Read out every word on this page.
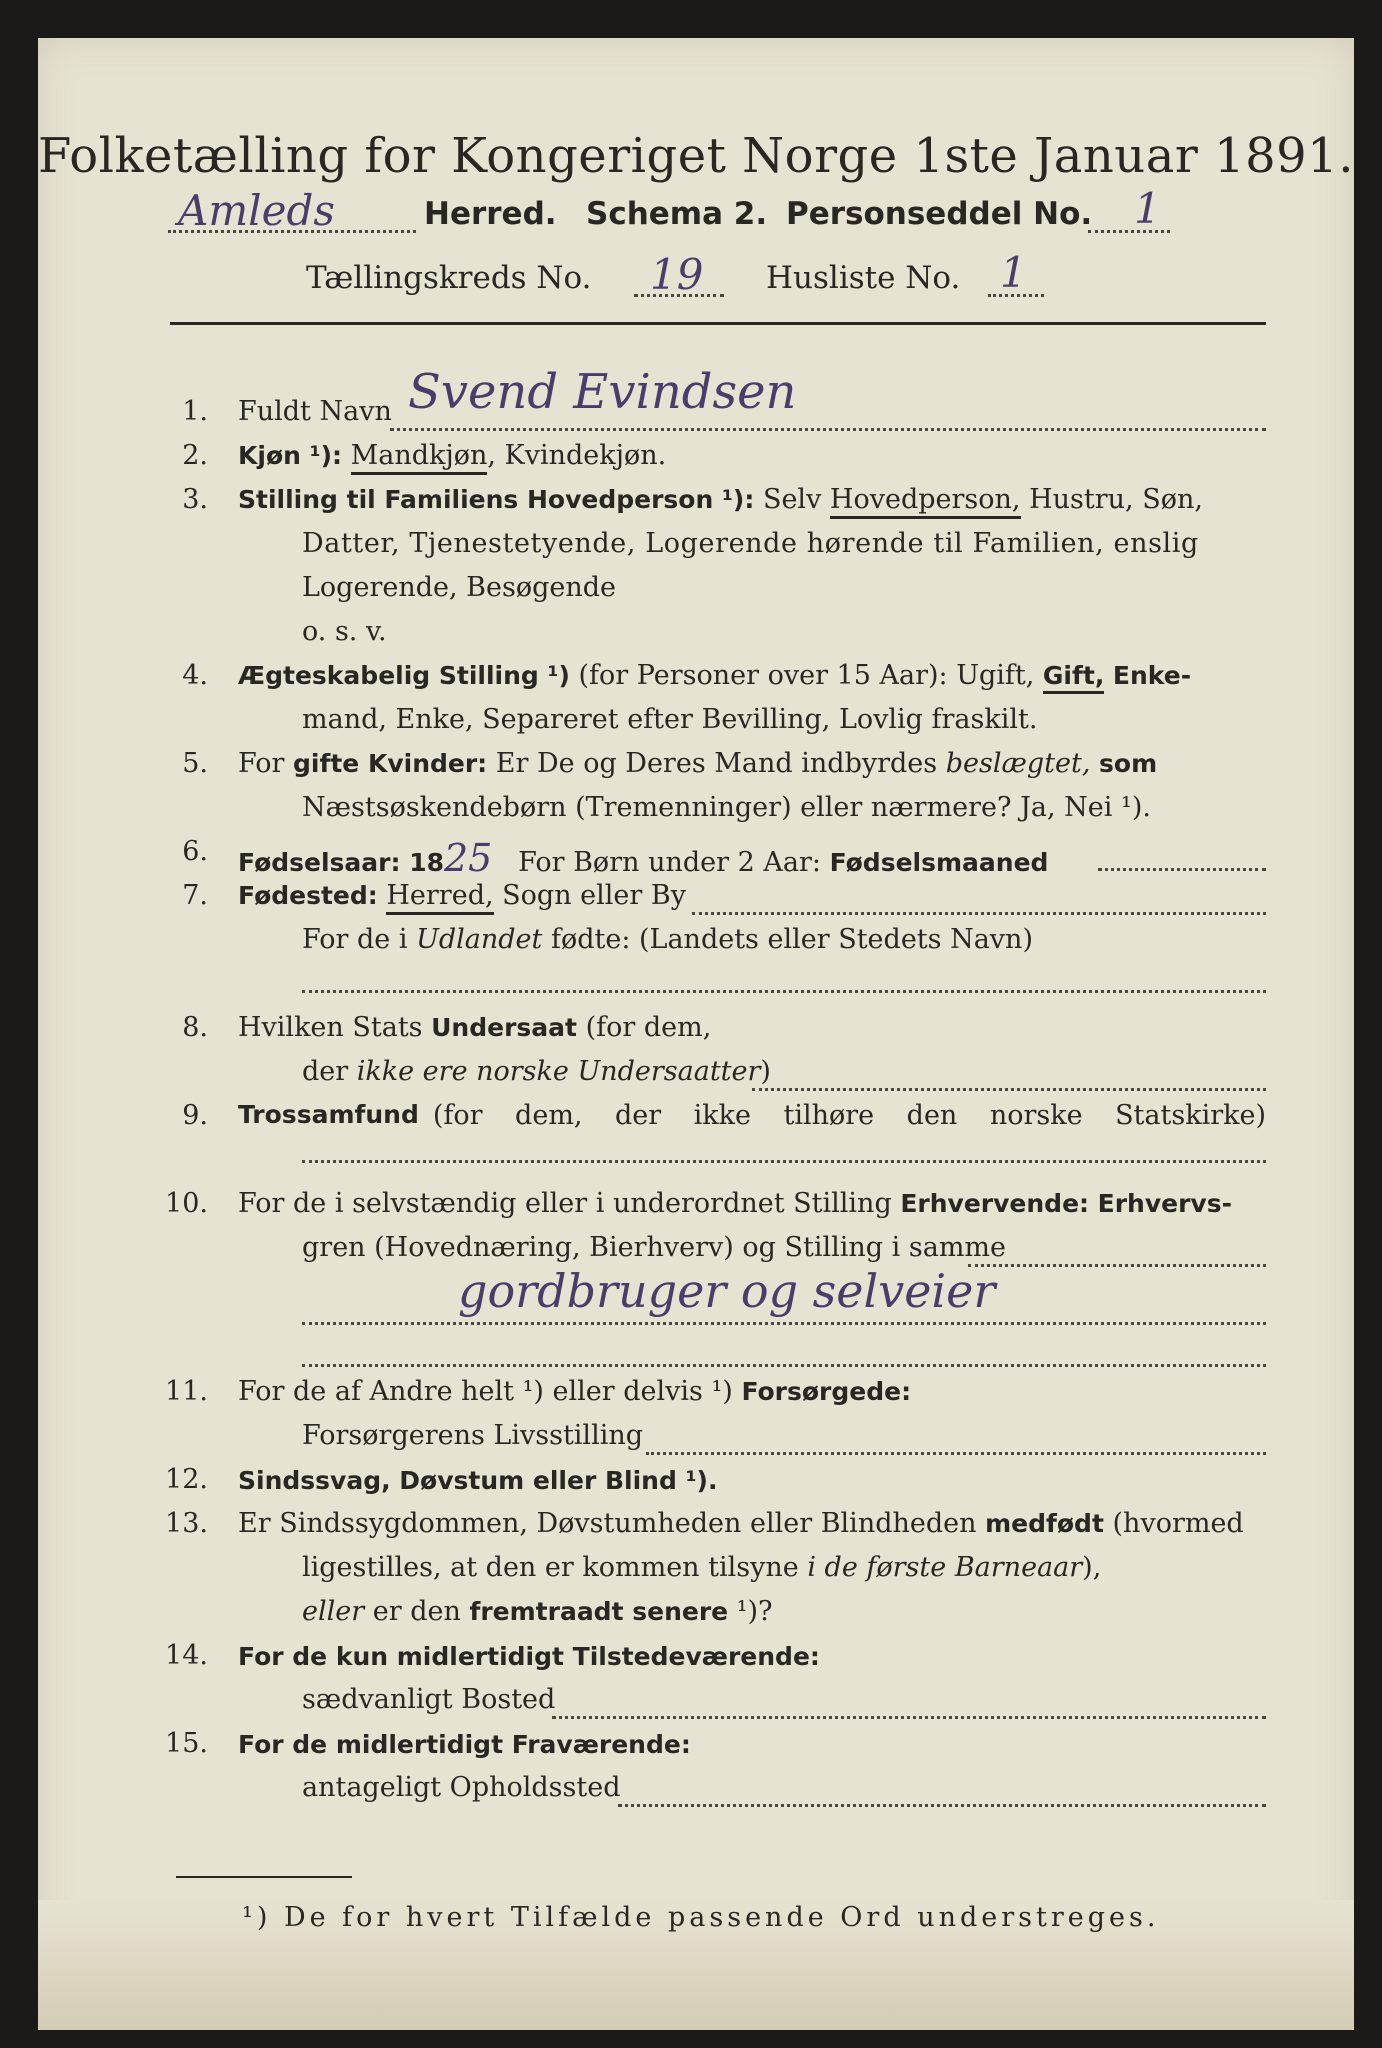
Folketælling for Kongeriget Norge 1ste Januar 1891.
Amleds	Herred. Schema 2. Personseddel No. 1
Tællingskreds No. 19 Husliste No. 1
1. Fuldt Navn Svend Evindsen
2. Kjøn ¹): Mandkjøn, Kvindekjøn.
3. Stilling til Familiens Hovedperson ¹): Selv Hovedperson, Hustru, Søn,
Datter, Tjenestetyende, Logerende hørende til Familien, enslig
Logerende, Besøgende
o. s. v.
4. Ægteskabelig Stilling ¹) (for Personer over 15 Aar): Ugift, Gift, Enke-
mand, Enke, Separeret efter Bevilling, Lovlig fraskilt.
5. For gifte Kvinder: Er De og Deres Mand indbyrdes beslægtet, som
Næstsøskendebørn (Tremenninger) eller nærmere? Ja, Nei ¹).
6. Fødselsaar: 1825 For Børn under 2 Aar: Fødselsmaaned
7. Fødested: Herred, Sogn eller By
For de i Udlandet fødte: (Landets eller Stedets Navn)
8. Hvilken Stats Undersaat (for dem,
der ikke ere norske Undersaatter)
9. Trossamfund (for dem, der ikke tilhøre den norske Statskirke)
10. For de i selvstændig eller i underordnet Stilling Erhvervende: Erhvervs-
gren (Hovednæring, Bierhverv) og Stilling i samme
gordbruger og selveier
11. For de af Andre helt ¹) eller delvis ¹) Forsørgede:
Forsørgerens Livsstilling
12. Sindssvag, Døvstum eller Blind ¹).
13. Er Sindssygdommen, Døvstumheden eller Blindheden medfødt (hvormed
ligestilles, at den er kommen tilsyne i de første Barneaar),
eller er den fremtraadt senere ¹)?
14. For de kun midlertidigt Tilstedeværende:
sædvanligt Bosted
15. For de midlertidigt Fraværende:
antageligt Opholdssted
¹) De for hvert Tilfælde passende Ord understreges.
